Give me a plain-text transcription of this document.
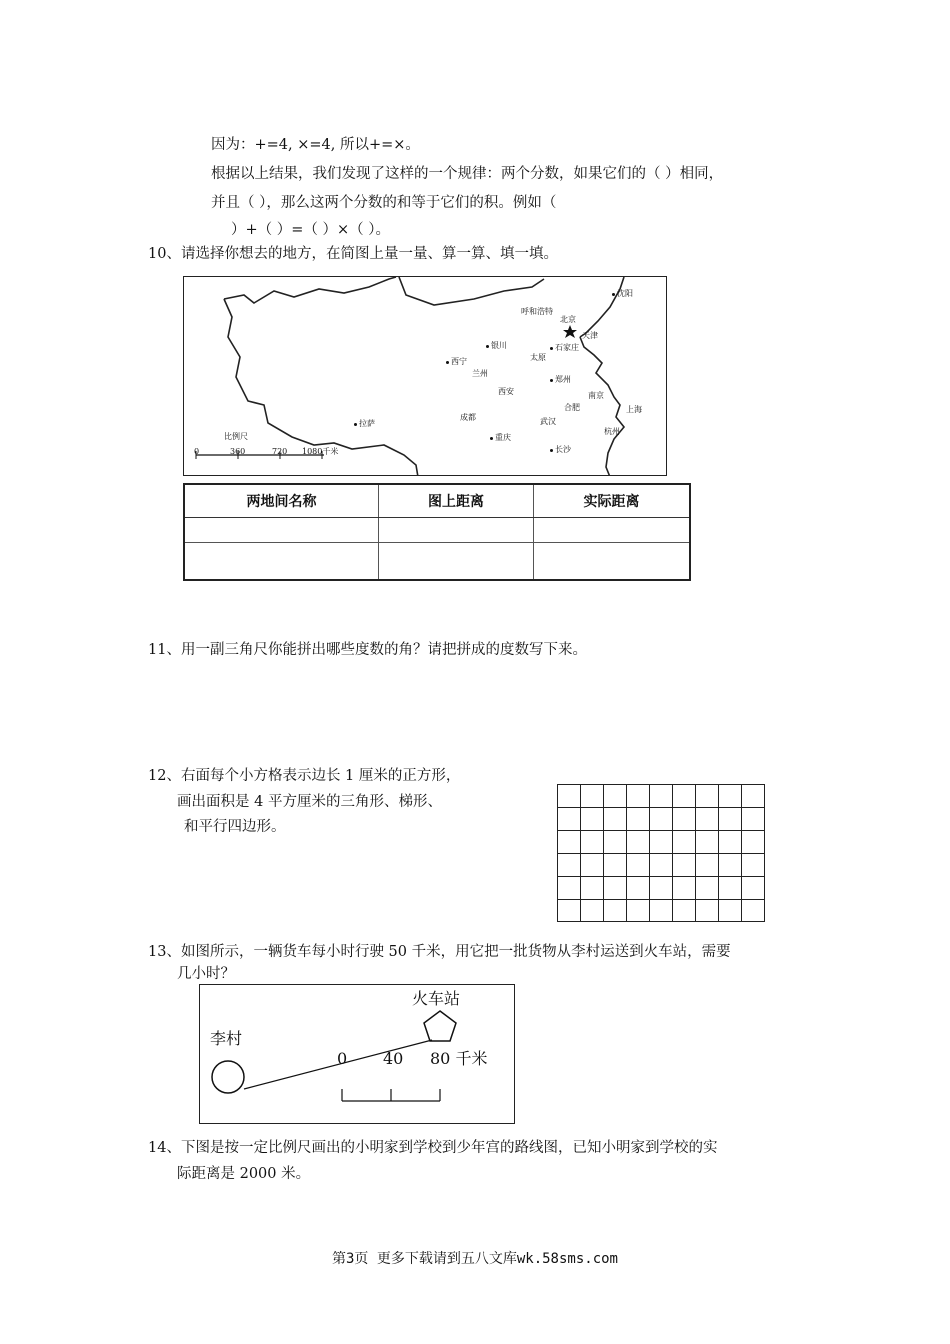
因为：+=4, ×=4, 所以+=×。
根据以上结果，我们发现了这样的一个规律：两个分数，如果它们的（ ）相同，
并且（ ），那么这两个分数的和等于它们的积。例如（
）+（ ）=（ ）×（ ）。
10、请选择你想去的地方，在简图上量一量、算一算、填一填。
比例尺
0	360	720 1080千米
沈阳
呼和浩特
北京
天津
银川	石家庄
西宁	太原
兰州
郑州
西安	南京
上海
合肥
拉萨
成都	武汉
杭州
重庆
长沙
两地间名称	图上距离	实际距离

11、用一副三角尺你能拼出哪些度数的角？请把拼成的度数写下来。
12、右面每个小方格表示边长 1 厘米的正方形，
画出面积是 4 平方厘米的三角形、梯形、
和平行四边形。
13、如图所示，一辆货车每小时行驶 50 千米，用它把一批货物从李村运送到火车站，需要
几小时？
李村
火车站
0 40 80 千米
14、下图是按一定比例尺画出的小明家到学校到少年宫的路线图，已知小明家到学校的实
际距离是 2000 米。
第3页 更多下载请到五八文库wk.58sms.com
